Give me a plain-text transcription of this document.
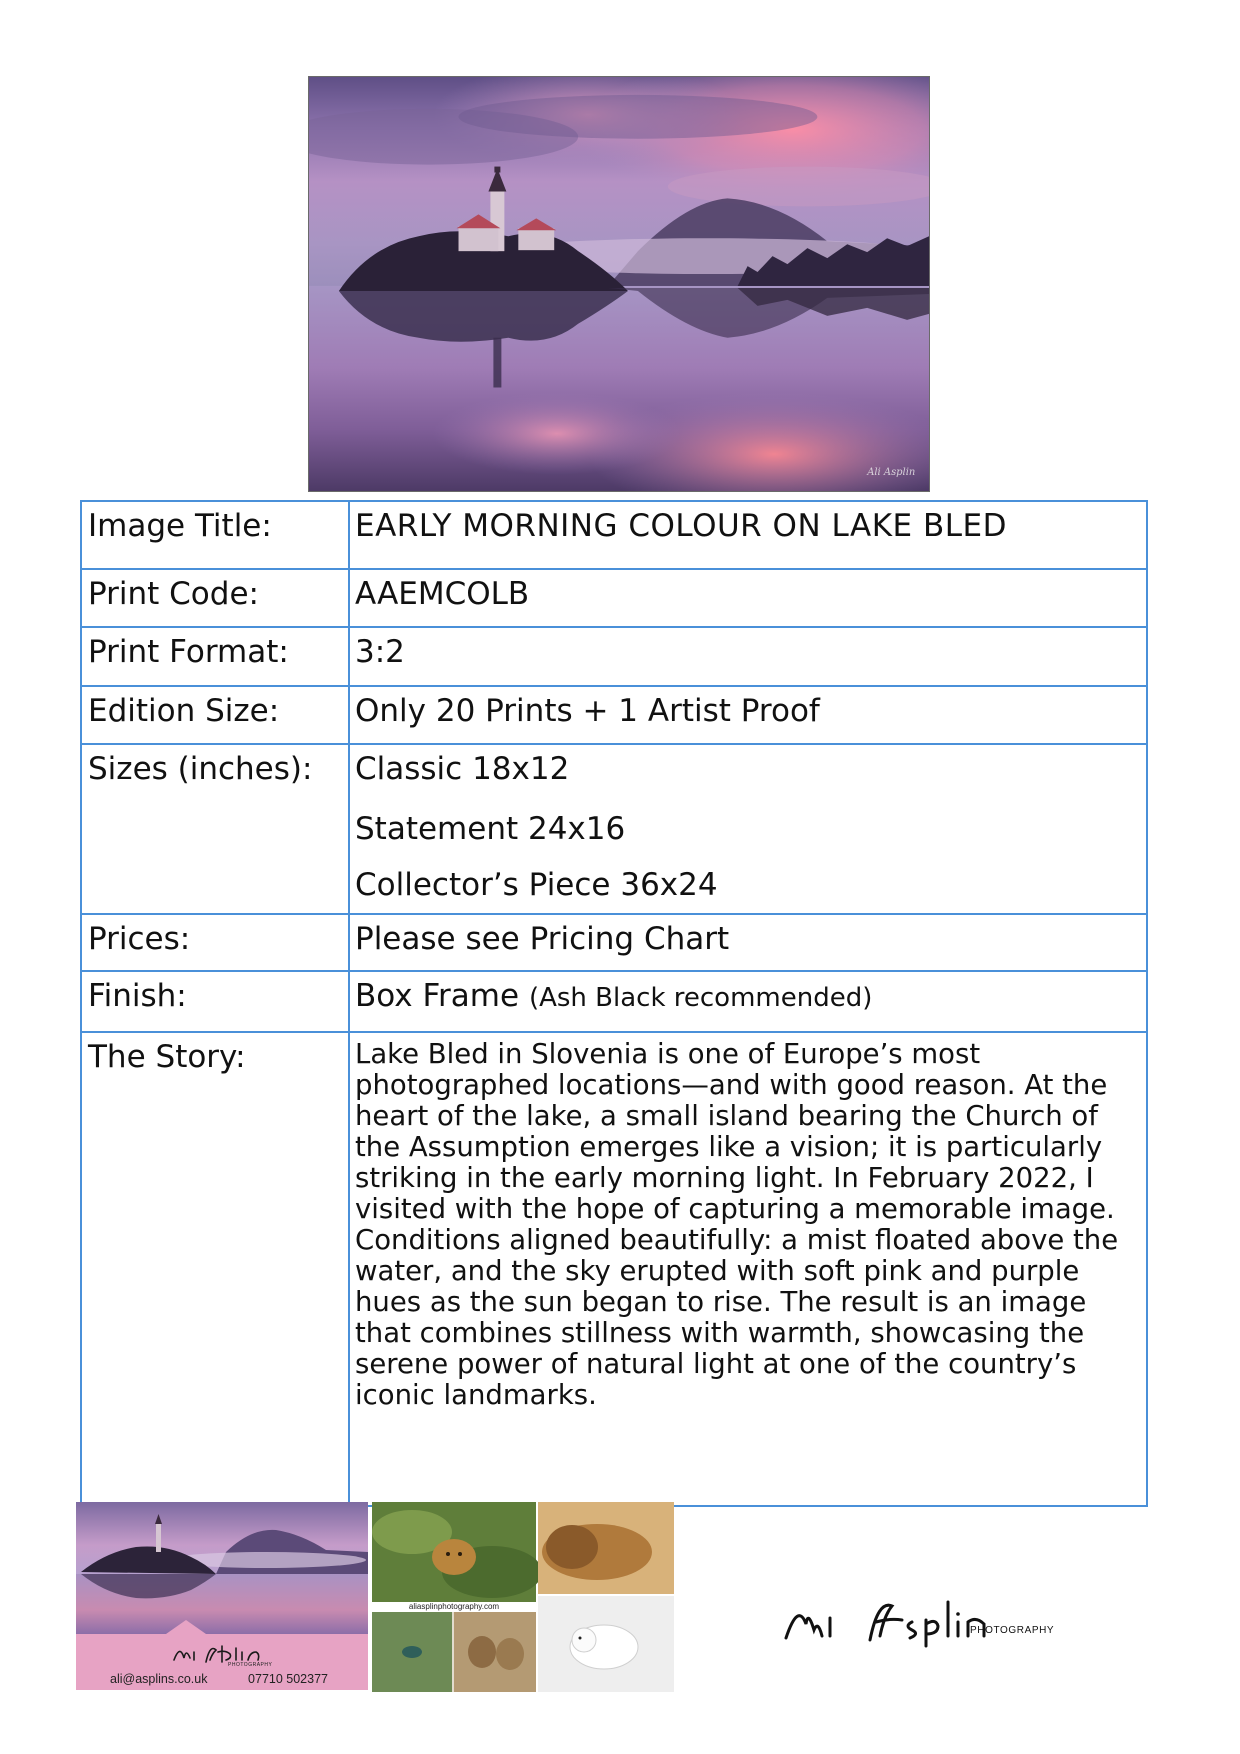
Ali Asplin
Image Title:	EARLY MORNING COLOUR ON LAKE BLED
Print Code:	AAEMCOLB
Print Format:	3:2
Edition Size:	Only 20 Prints + 1 Artist Proof
Sizes (inches):	Classic 18x12
Statement 24x16
Collector’s Piece 36x24

Prices:	Please see Pricing Chart
Finish:	Box Frame (Ash Black recommended)
The Story:	Lake Bled in Slovenia is one of Europe’s most photographed locations—and with good reason. At the heart of the lake, a small island bearing the Church of the Assumption emerges like a vision; it is particularly striking in the early morning light. In February 2022, I visited with the hope of capturing a memorable image. Conditions aligned beautifully: a mist floated above the water, and the sky erupted with soft pink and purple hues as the sun began to rise. The result is an image that combines stillness with warmth, showcasing the serene power of natural light at one of the country’s iconic landmarks.
PHOTOGRAPHY
ali@asplins.co.uk	07710 502377
aliasplinphotography.com
PHOTOGRAPHY
